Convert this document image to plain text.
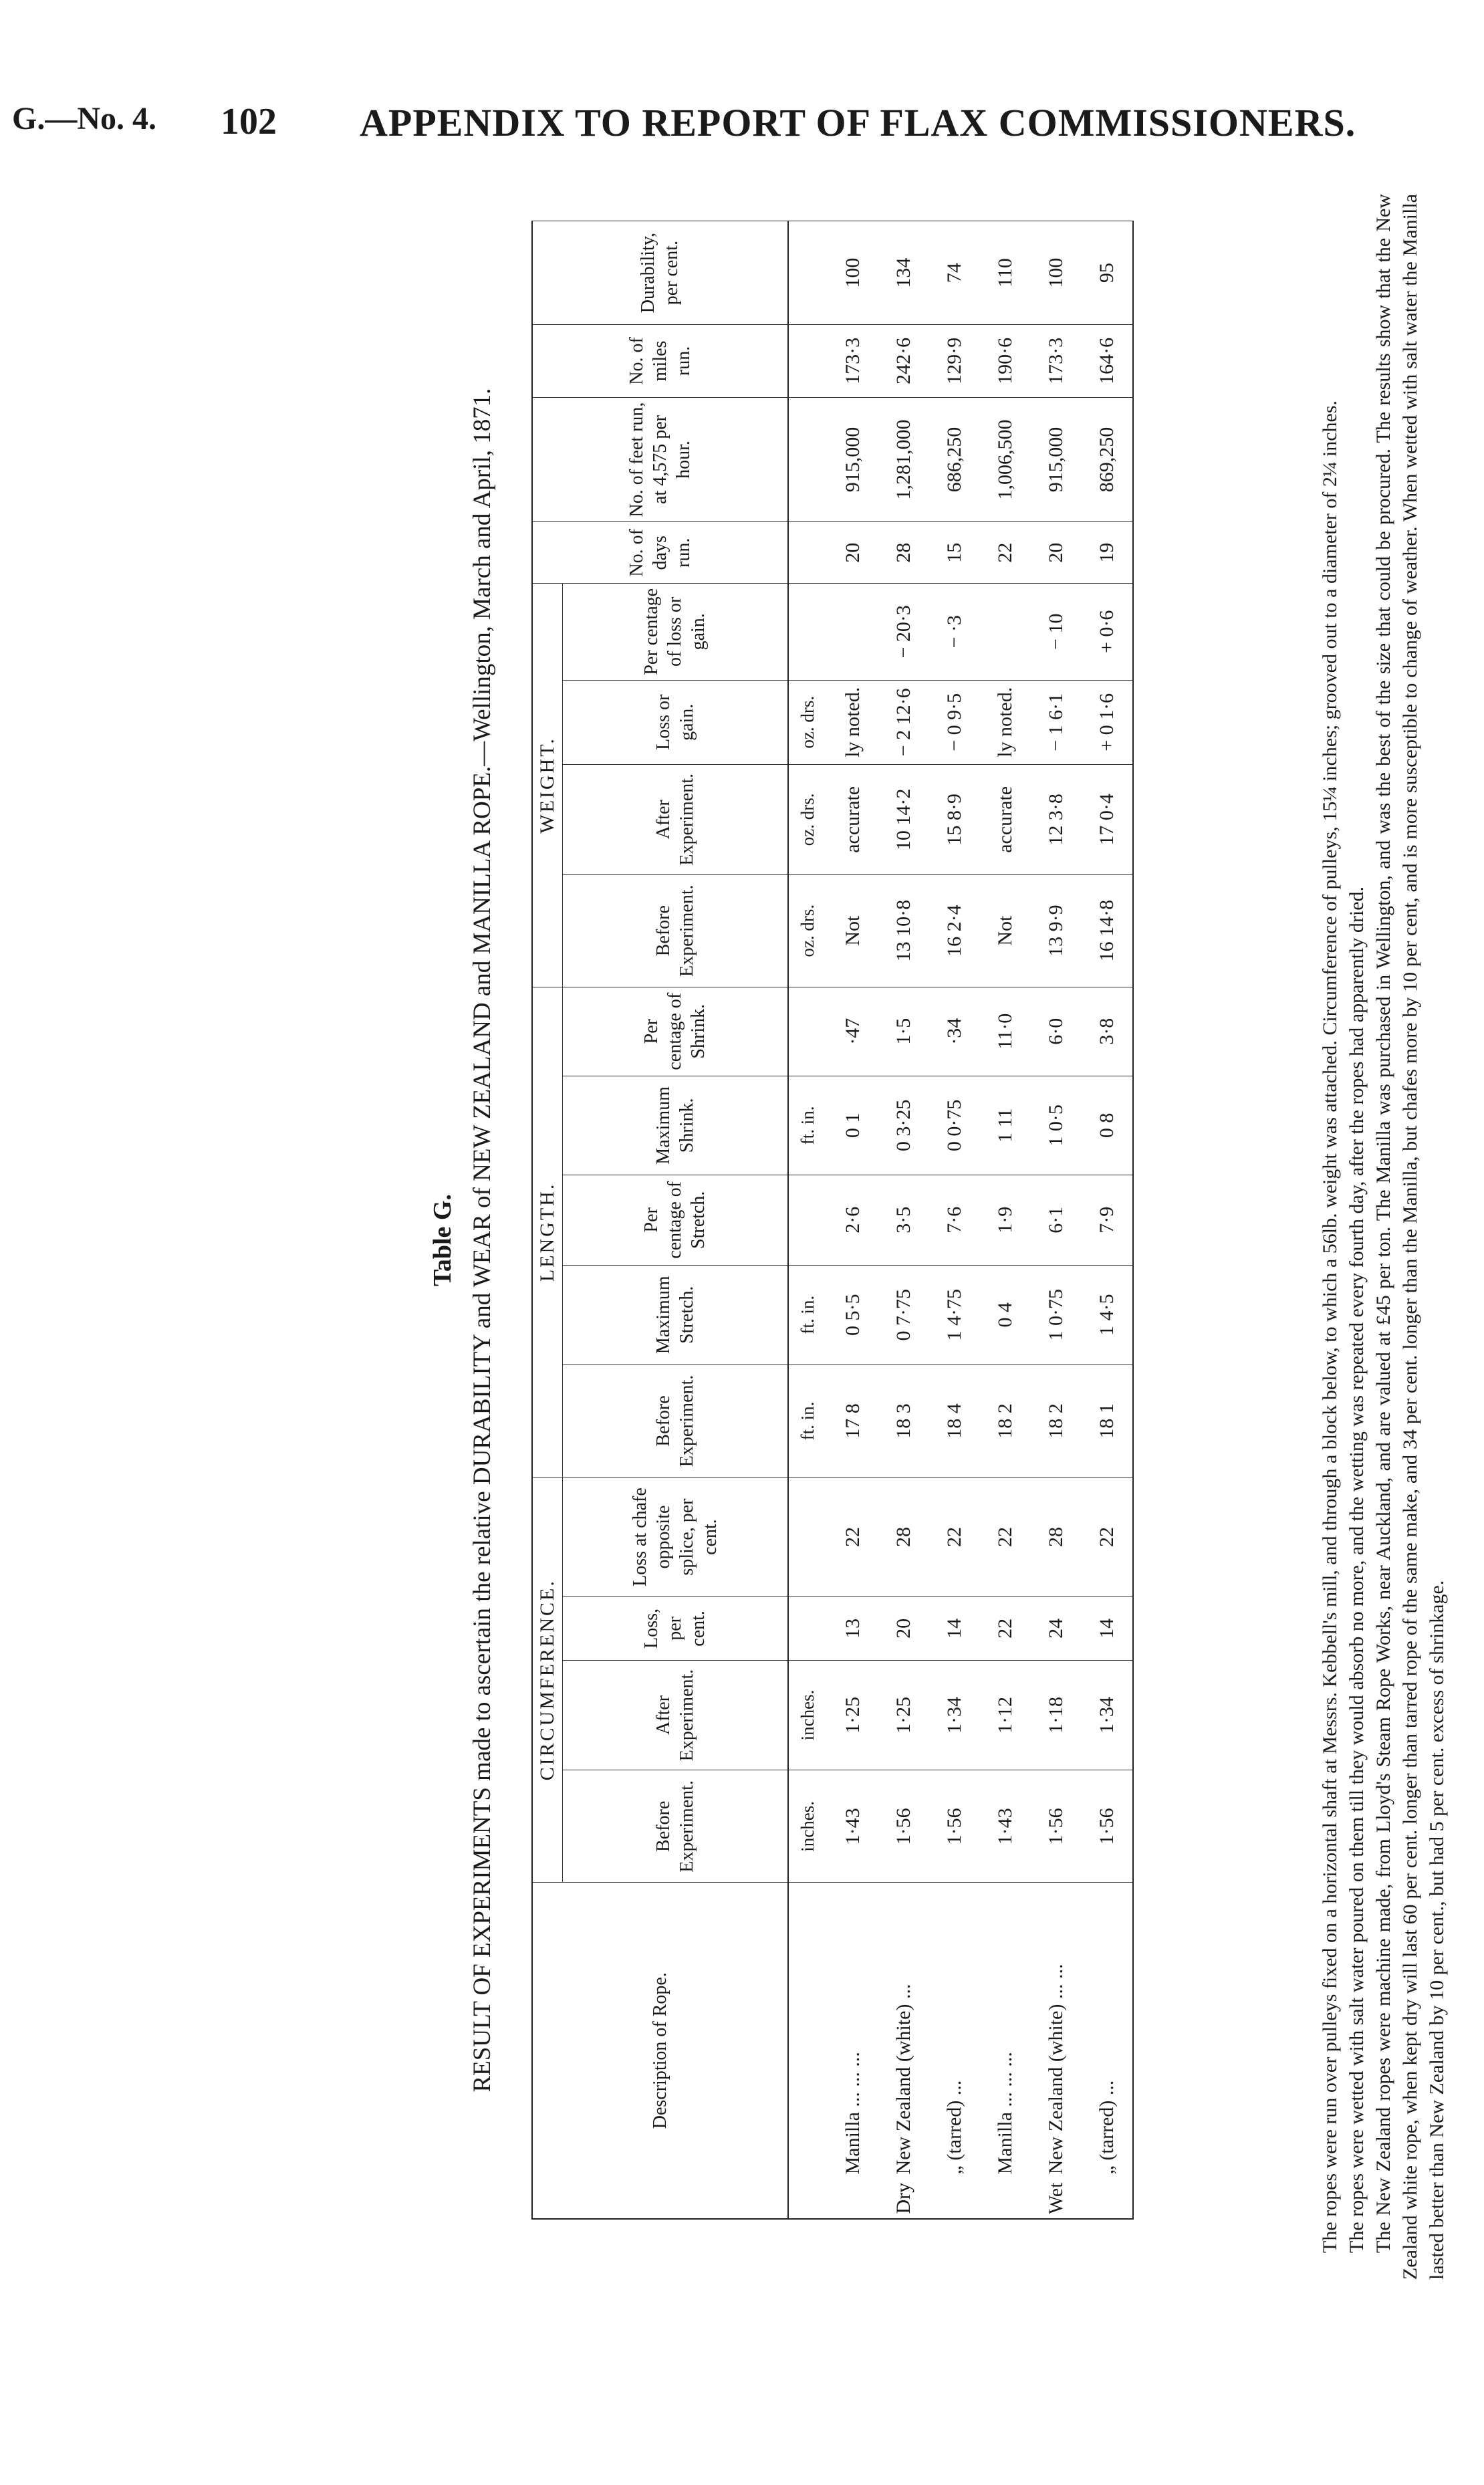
G.—No. 4. 102 APPENDIX TO REPORT OF FLAX COMMISSIONERS.
Table G. RESULT OF EXPERIMENTS made to ascertain the relative DURABILITY and WEAR of NEW ZEALAND and MANILLA ROPE.—Wellington, March and April, 1871.	Description of Rope.		CIRCUMFERENCE.				LENGTH.					WEIGHT.				No. of days run.	No. of feet run, at 4,575 per hour.	No. of miles run.	Durability, per cent.
		Before Experiment.	After Experiment.	Loss, per cent.	Loss at chafe opposite splice, per cent.	Before Experiment.	Maximum Stretch.	Per centage of Stretch.	Maximum Shrink.	Per centage of Shrink.	Before Experiment.	After Experiment.	Loss or gain.	Per centage of loss or gain.				
		inches.	inches.			ft. in.	ft. in.		ft. in.		oz. drs.	oz. drs.	oz. drs.					
Dry	Manilla ... ... ...	1·43	1·25	13	22	17 8	0 5·5	2·6	0 1	·47	Not	accurate	ly noted.		20	915,000	173·3	100
	New Zealand (white) ...	1·56	1·25	20	28	18 3	0 7·75	3·5	0 3·25	1·5	13 10·8	10 14·2	− 2 12·6	− 20·3	28	1,281,000	242·6	134
	„ (tarred) ...	1·56	1·34	14	22	18 4	1 4·75	7·6	0 0·75	·34	16 2·4	15 8·9	− 0 9·5	− ·3	15	686,250	129·9	74
Wet	Manilla ... ... ...	1·43	1·12	22	22	18 2	0 4	1·9	1 11	11·0	Not	accurate	ly noted.		22	1,006,500	190·6	110
	New Zealand (white) ... ...	1·56	1·18	24	28	18 2	1 0·75	6·1	1 0·5	6·0	13 9·9	12 3·8	− 1 6·1	− 10	20	915,000	173·3	100
	„ (tarred) ...	1·56	1·34	14	22	18 1	1 4·5	7·9	0 8	3·8	16 14·8	17 0·4	+ 0 1·6	+ 0·6	19	869,250	164·6	95

The ropes were run over pulleys fixed on a horizontal shaft at Messrs. Kebbell's mill, and through a block below, to which a 56lb. weight was attached. Circumference of pulleys, 15¼ inches; grooved out to a diameter of 2¼ inches. The ropes were wetted with salt water poured on them till they would absorb no more, and the wetting was repeated every fourth day, after the ropes had apparently dried. The New Zealand ropes were machine made, from Lloyd's Steam Rope Works, near Auckland, and are valued at £45 per ton. The Manilla was purchased in Wellington, and was the best of the size that could be procured. The results show that the New Zealand white rope, when kept dry will last 60 per cent. longer than tarred rope of the same make, and 34 per cent. longer than the Manilla, but chafes more by 10 per cent, and is more susceptible to change of weather. When wetted with salt water the Manilla lasted better than New Zealand by 10 per cent., but had 5 per cent. excess of shrinkage.
